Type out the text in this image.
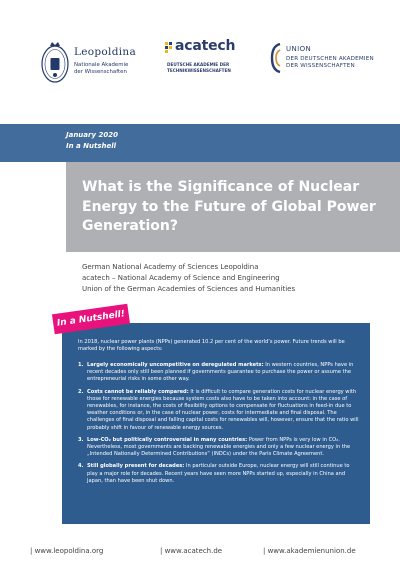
Leopoldina
Nationale Akademie
der Wissenschaften
acatech
DEUTSCHE AKADEMIE DER
TECHNIKWISSENSCHAFTEN
UNION
DER DEUTSCHEN AKADEMIEN
DER WISSENSCHAFTEN
January 2020
In a Nutshell
What is the Significance of Nuclear Energy to the Future of Global Power Generation?
German National Academy of Sciences Leopoldina
acatech – National Academy of Science and Engineering
Union of the German Academies of Sciences and Humanities
In a Nutshell!

In 2018, nuclear power plants (NPPs) generated 10.2 per cent of the world’s power. Future trends will be marked by the following aspects:

1. Largely economically uncompetitive on deregulated markets: In western countries, NPPs have in recent decades only still been planned if governments guarantee to purchase the power or assume the entrepreneurial risks in some other way.
2. Costs cannot be reliably compared: It is difficult to compare generation costs for nuclear energy with those for renewable energies because system costs also have to be taken into account: in the case of renewables, for instance, the costs of flexibility options to compensate for fluctuations in feed-in due to weather conditions or, in the case of nuclear power, costs for intermediate and final disposal. The challenges of final disposal and falling capital costs for renewables will, however, ensure that the ratio will probably shift in favour of renewable energy sources.
3. Low-CO₂ but politically controversial in many countries: Power from NPPs is very low in CO₂. Nevertheless, most governments are backing renewable energies and only a few nuclear energy in the „Intended Nationally Determined Contributions“ (INDCs) under the Paris Climate Agreement.
4. Still globally present for decades: In particular outside Europe, nuclear energy will still continue to play a major role for decades. Recent years have seen more NPPs started up, especially in China and Japan, than have been shut down.
| www.leopoldina.org	| www.acatech.de	| www.akademienunion.de
